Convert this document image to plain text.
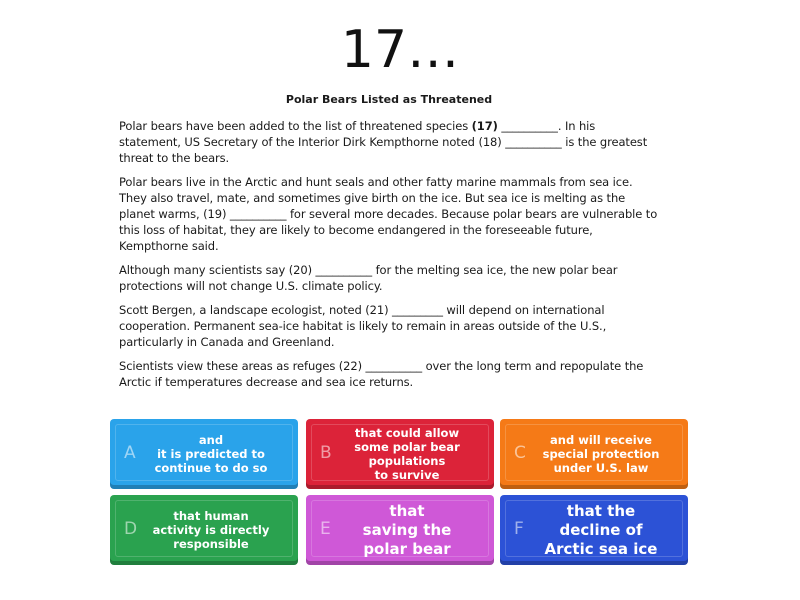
17…
Polar Bears Listed as Threatened

Polar bears have been added to the list of threatened species (17) __________. In his statement, US Secretary of the Interior Dirk Kempthorne noted (18) __________ is the greatest threat to the bears.

Polar bears live in the Arctic and hunt seals and other fatty marine mammals from sea ice. They also travel, mate, and sometimes give birth on the ice. But sea ice is melting as the planet warms, (19) __________ for several more decades. Because polar bears are vulnerable to this loss of habitat, they are likely to become endangered in the foreseeable future, Kempthorne said.

Although many scientists say (20) __________ for the melting sea ice, the new polar bear protections will not change U.S. climate policy.

Scott Bergen, a landscape ecologist, noted (21) _________ will depend on international cooperation. Permanent sea-ice habitat is likely to remain in areas outside of the U.S., particularly in Canada and Greenland.

Scientists view these areas as refuges (22) __________ over the long term and repopulate the Arctic if temperatures decrease and sea ice returns.

A
and
it is predicted to
continue to do so
B
that could allow
some polar bear
populations
to survive
C
and will receive
special protection
under U.S. law
D
that human
activity is directly
responsible
E
that
saving the
polar bear
F
that the
decline of
Arctic sea ice
